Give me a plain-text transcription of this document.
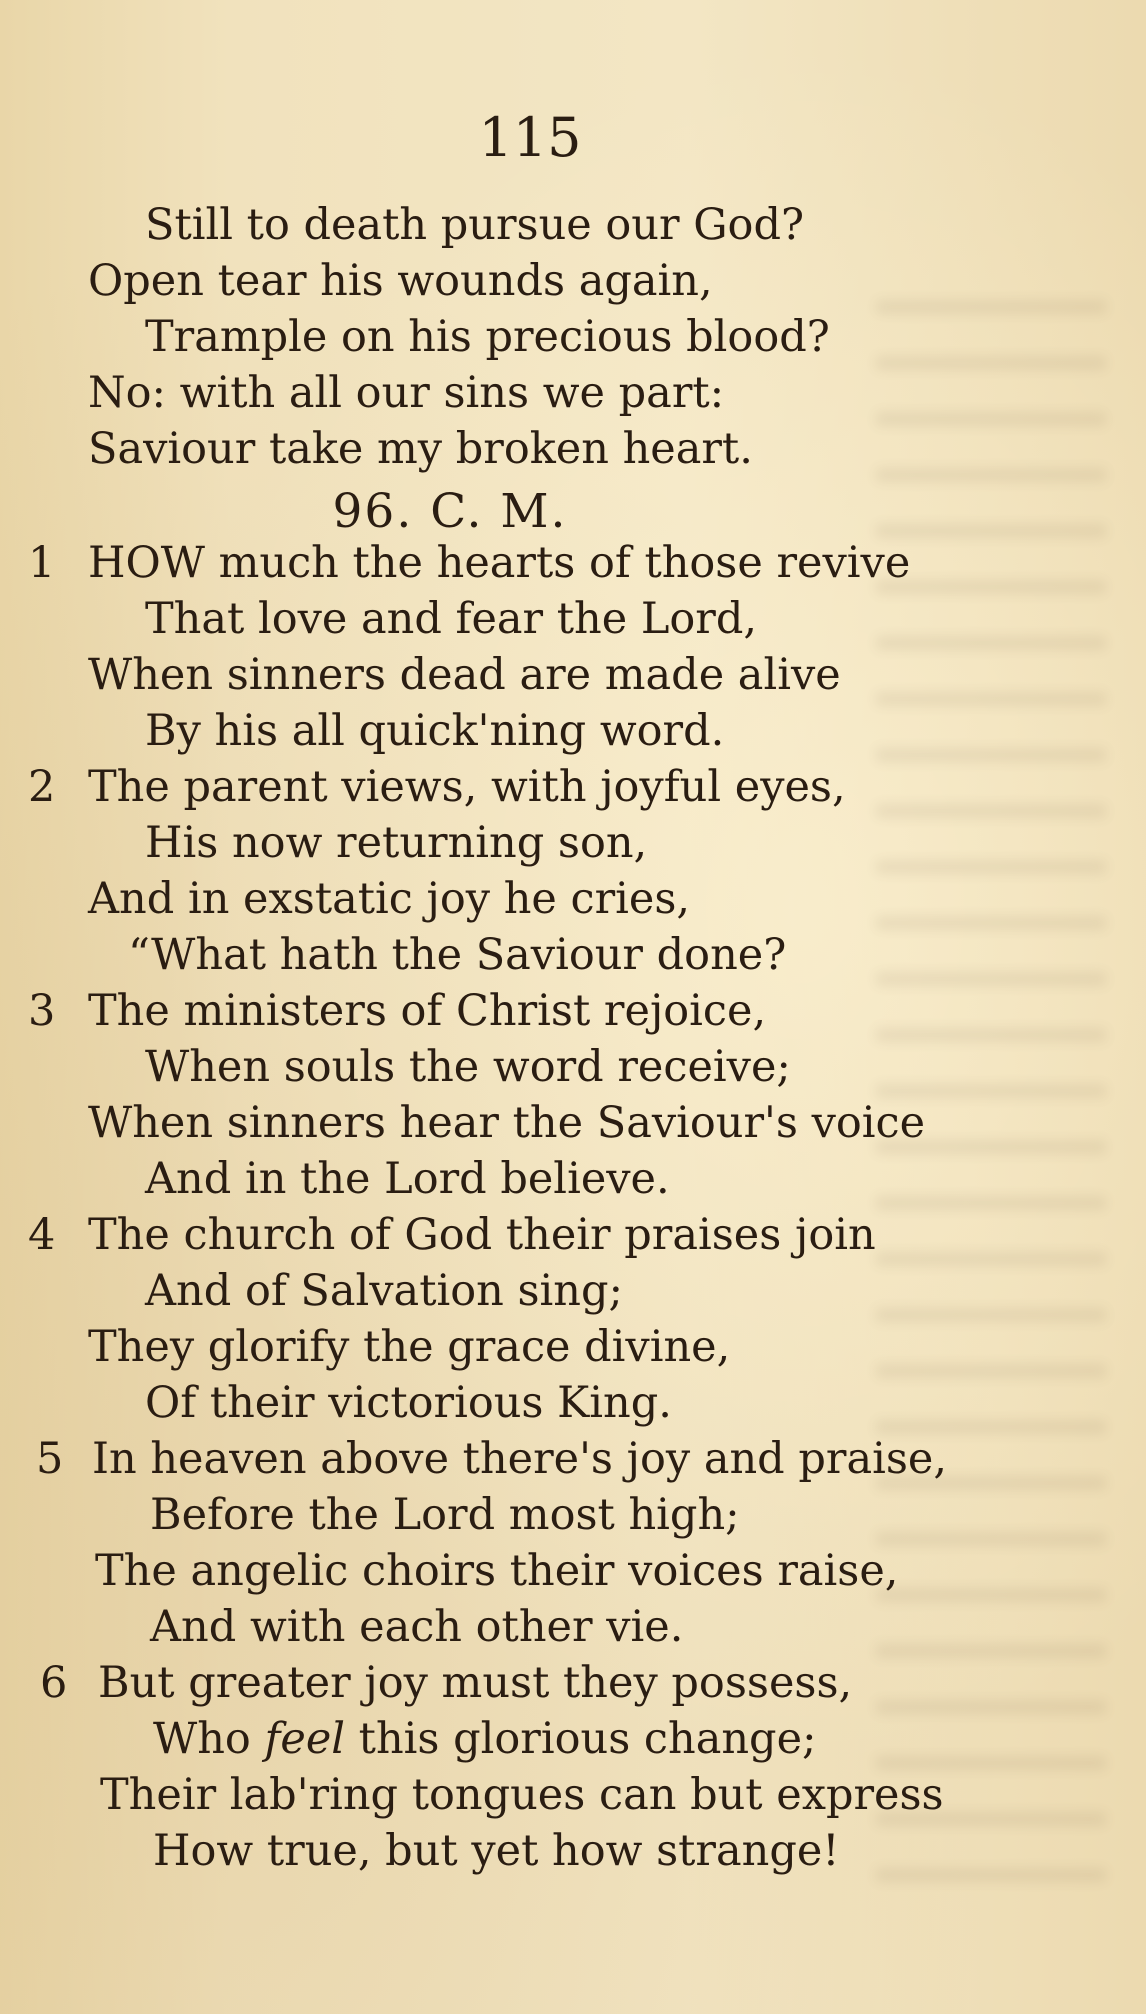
115
Still to death pursue our God?
Open tear his wounds again,
Trample on his precious blood?
No: with all our sins we part:
Saviour take my broken heart.
96. C. M.
1 HOW much the hearts of those revive
That love and fear the Lord,
When sinners dead are made alive
By his all quick'ning word.
2 The parent views, with joyful eyes,
His now returning son,
And in exstatic joy he cries,
“What hath the Saviour done?
3 The ministers of Christ rejoice,
When souls the word receive;
When sinners hear the Saviour's voice
And in the Lord believe.
4 The church of God their praises join
And of Salvation sing;
They glorify the grace divine,
Of their victorious King.
5 In heaven above there's joy and praise,
Before the Lord most high;
The angelic choirs their voices raise,
And with each other vie.
6 But greater joy must they possess,
Who feel this glorious change;
Their lab'ring tongues can but express
How true, but yet how strange!
